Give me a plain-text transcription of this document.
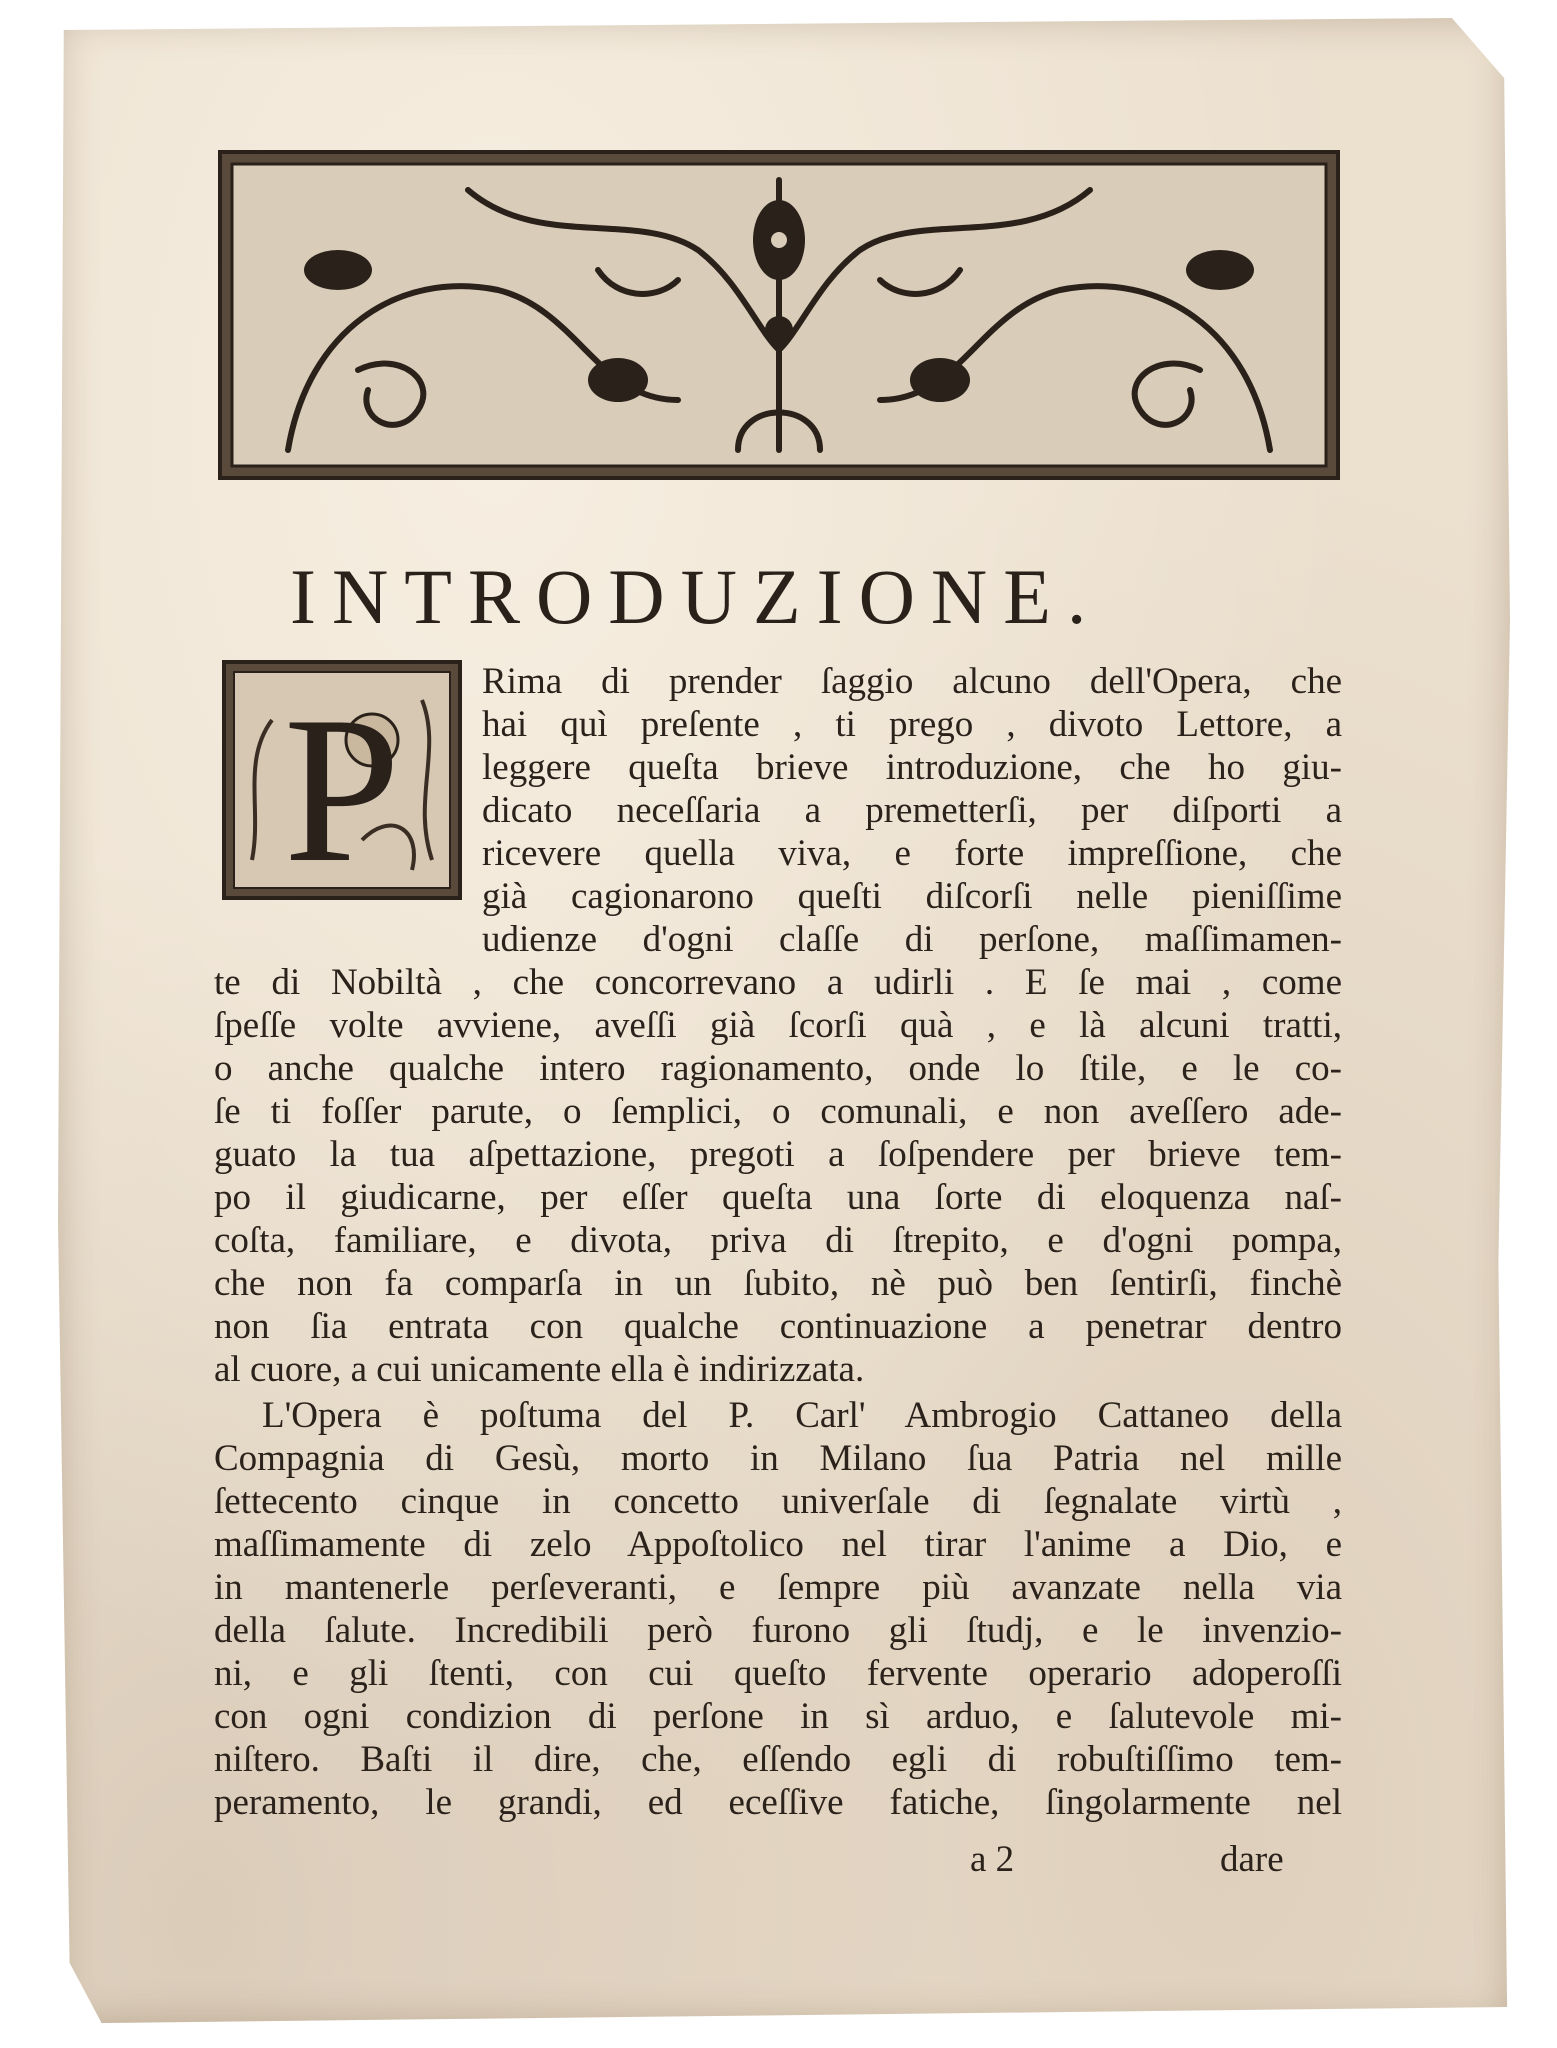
INTRODUZIONE.
P Rima di prender ſaggio alcuno dell'Opera, che

hai quì preſente , ti prego , divoto Lettore, a

leggere queſta brieve introduzione, che ho giu-

dicato neceſſaria a premetterſi, per diſporti a

ricevere quella viva, e forte impreſſione, che

già cagionarono queſti diſcorſi nelle pieniſſime

udienze d'ogni claſſe di perſone, maſſimamen-

te di Nobiltà , che concorrevano a udirli . E ſe mai , come

ſpeſſe volte avviene, aveſſi già ſcorſi quà , e là alcuni tratti,

o anche qualche intero ragionamento, onde lo ſtile, e le co-

ſe ti foſſer parute, o ſemplici, o comunali, e non aveſſero ade-

guato la tua aſpettazione, pregoti a ſoſpendere per brieve tem-

po il giudicarne, per eſſer queſta una ſorte di eloquenza naſ-

coſta, familiare, e divota, priva di ſtrepito, e d'ogni pompa,

che non fa comparſa in un ſubito, nè può ben ſentirſi, finchè

non ſia entrata con qualche continuazione a penetrar dentro

al cuore, a cui unicamente ella è indirizzata.

L'Opera è poſtuma del P. Carl' Ambrogio Cattaneo della

Compagnia di Gesù, morto in Milano ſua Patria nel mille

ſettecento cinque in concetto univerſale di ſegnalate virtù ,

maſſimamente di zelo Appoſtolico nel tirar l'anime a Dio, e

in mantenerle perſeveranti, e ſempre più avanzate nella via

della ſalute. Incredibili però furono gli ſtudj, e le invenzio-

ni, e gli ſtenti, con cui queſto fervente operario adoperoſſi

con ogni condizion di perſone in sì arduo, e ſalutevole mi-

niſtero. Baſti il dire, che, eſſendo egli di robuſtiſſimo tem-

peramento, le grandi, ed eceſſive fatiche, ſingolarmente nel

a 2	dare
